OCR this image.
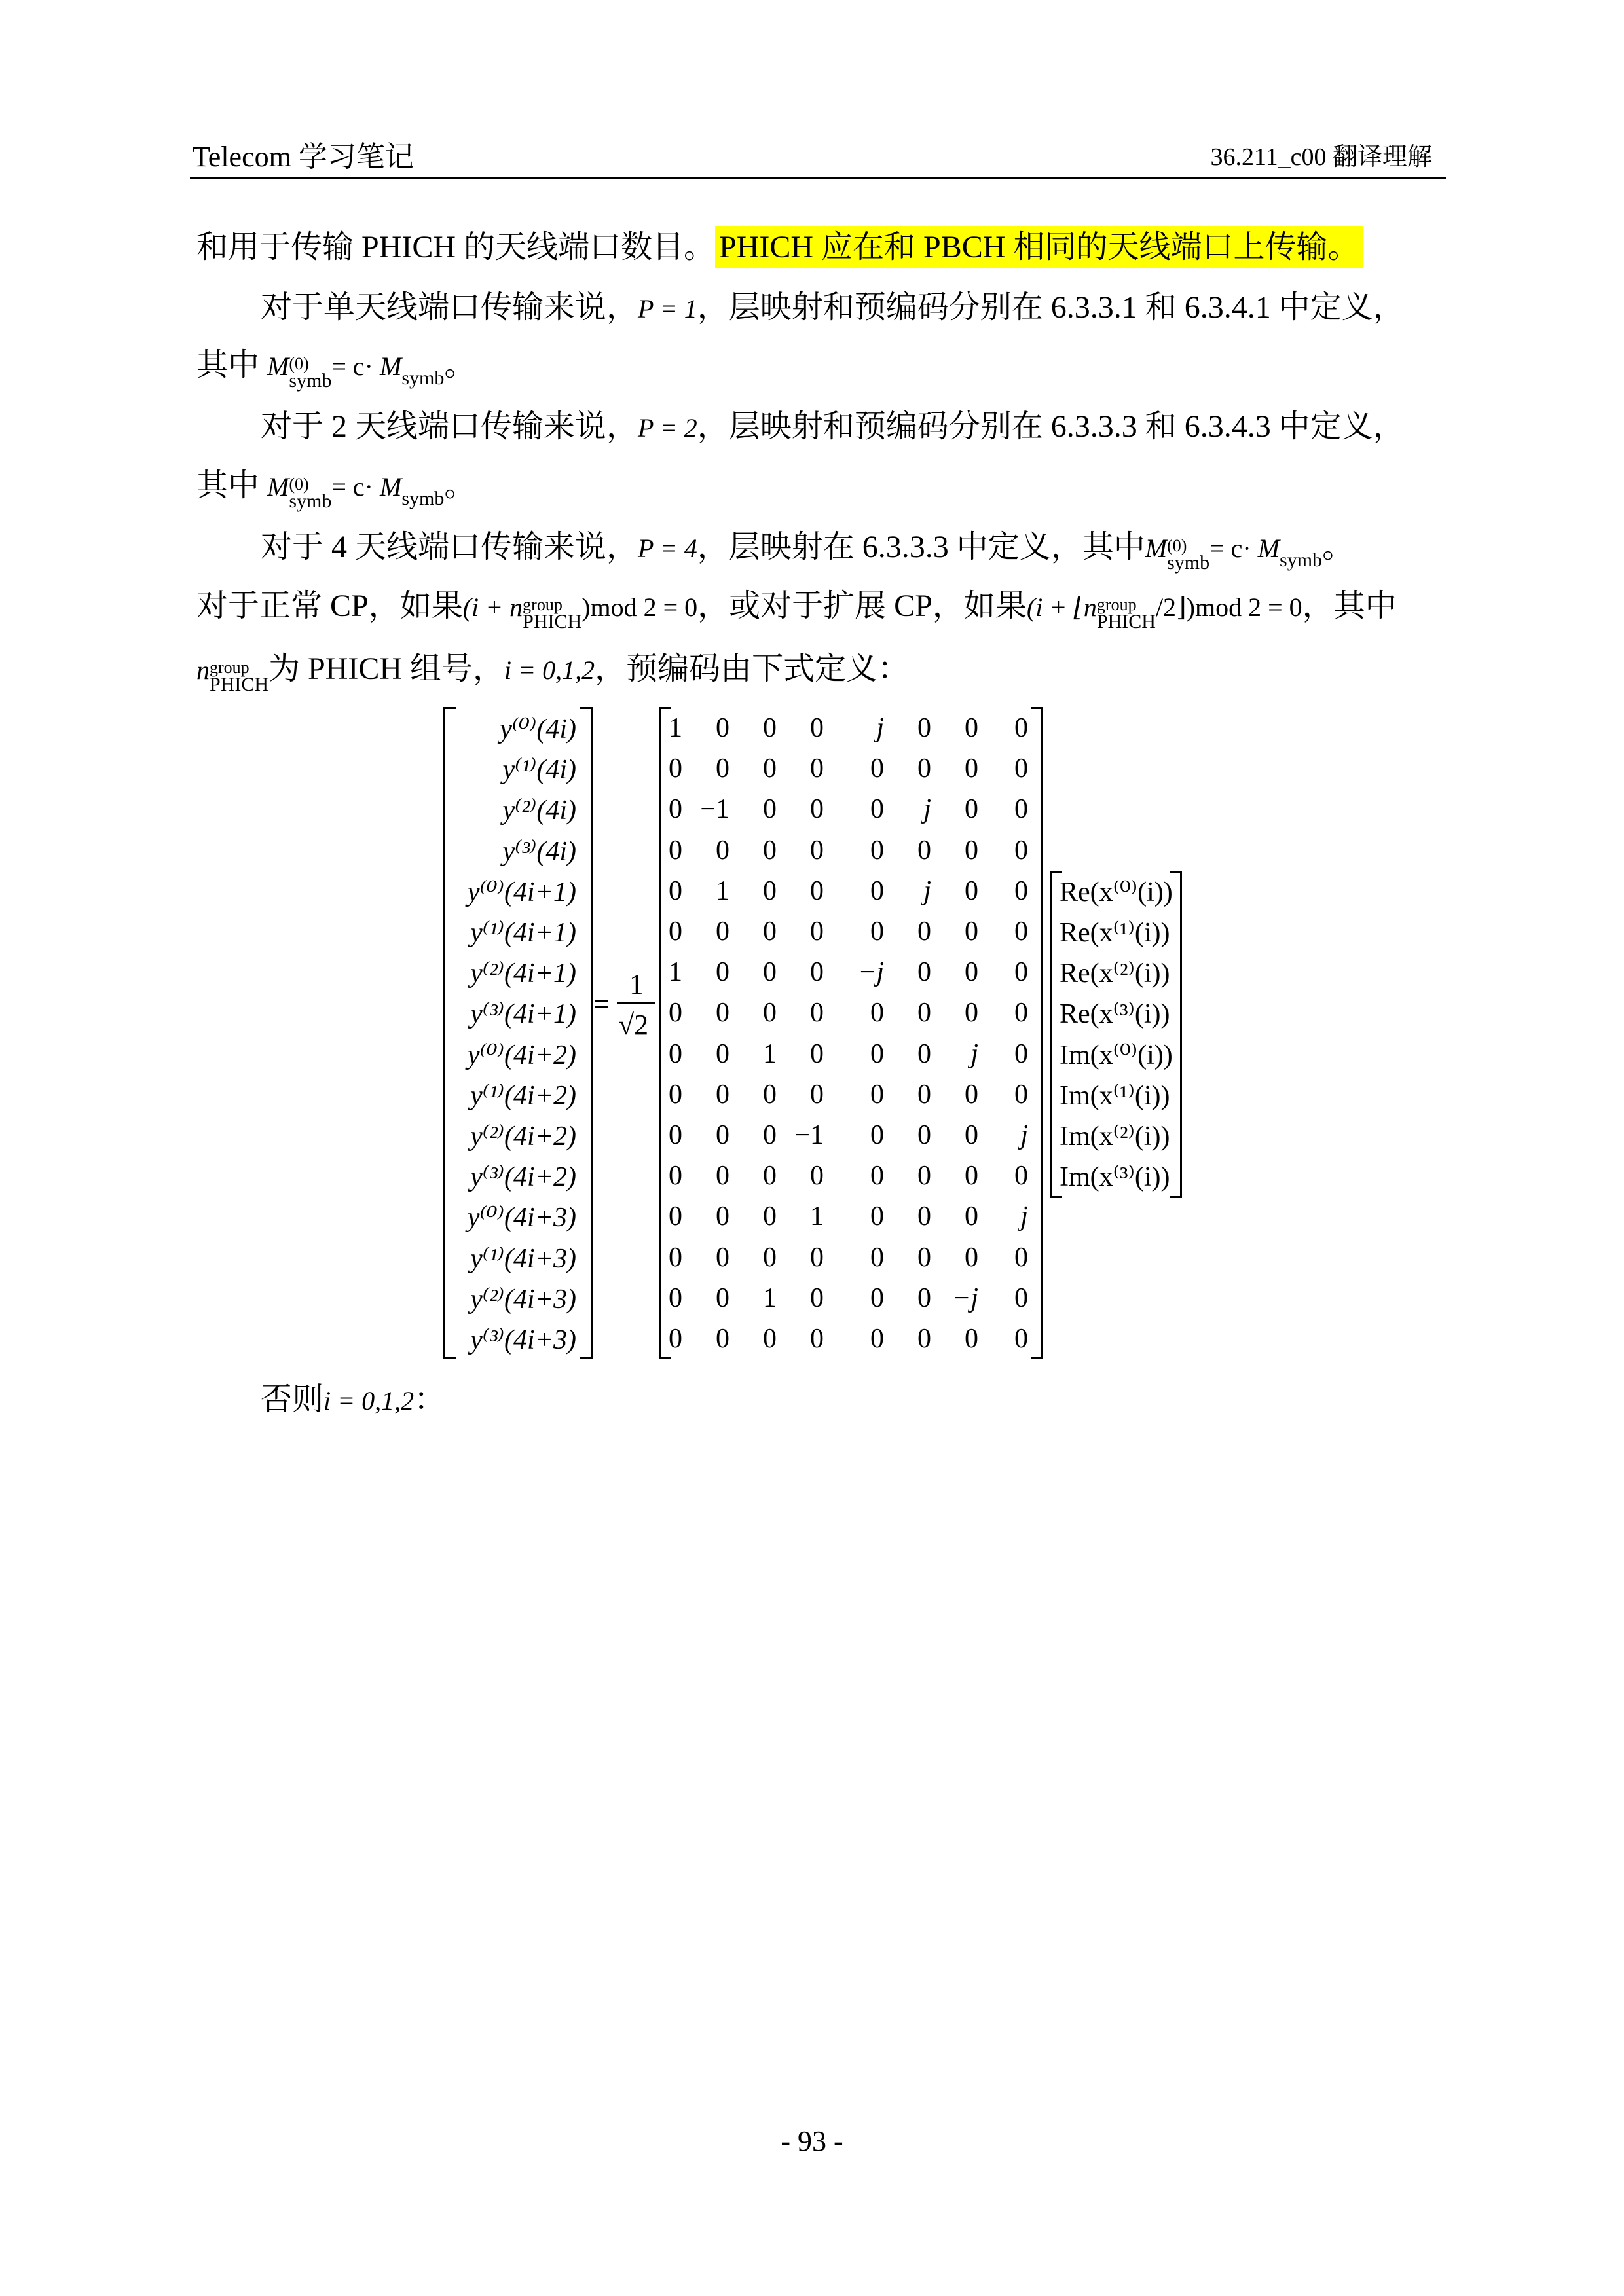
Telecom 学习笔记	36.211_c00 翻译理解
和用于传输 PHICH 的天线端口数目。 PHICH 应在和 PBCH 相同的天线端口上传输。
对于单天线端口传输来说，P = 1，层映射和预编码分别在 6.3.3.1 和 6.3.4.1 中定义，
其中 M (0)
symb = $c\cdot M_{symb}$。
对于 2 天线端口传输来说，P = 2，层映射和预编码分别在 6.3.3.3 和 6.3.4.3 中定义，
其中 M (0)
symb = $c\cdot M_{symb}$。
对于 4 天线端口传输来说，P = 4，层映射在 6.3.3.3 中定义，其中M (0)
symb = $c\cdot M_{symb}$。
对于正常 CP，如果(i + n group
PHICH )mod 2 = 0，或对于扩展 CP，如果(i + ⌊n group
PHICH /2⌋)mod 2 = 0，其中
n group
PHICH 为 PHICH 组号，i = 0,1,2，预编码由下式定义：
=
1
√2
y⁽⁰⁾(4i)
y⁽¹⁾(4i)
y⁽²⁾(4i)
y⁽³⁾(4i)
y⁽⁰⁾(4i+1)
y⁽¹⁾(4i+1)
y⁽²⁾(4i+1)
y⁽³⁾(4i+1)
y⁽⁰⁾(4i+2)
y⁽¹⁾(4i+2)
y⁽²⁾(4i+2)
y⁽³⁾(4i+2)
y⁽⁰⁾(4i+3)
y⁽¹⁾(4i+3)
y⁽²⁾(4i+3)
y⁽³⁾(4i+3)
1	0	0	0	j	0	0	0
0	0	0	0	0	0	0	0
0 −1	0	0	0	j	0	0
0	0	0	0	0	0	0	0
0	1	0	0	0	j	0	0
0	0	0	0	0	0	0	0
1	0	0	0 −j	0	0	0
0	0	0	0	0	0	0	0
0	0	1	0	0	0	j	0
0	0	0	0	0	0	0	0
0	0	0 −1	0	0	0	j
0	0	0	0	0	0	0	0
0	0	0	1	0	0	0	j
0	0	0	0	0	0	0	0
0	0	1	0	0	0 −j	0
0	0	0	0	0	0	0	0
Re(x⁽⁰⁾(i))
Re(x⁽¹⁾(i))
Re(x⁽²⁾(i))
Re(x⁽³⁾(i))
Im(x⁽⁰⁾(i))
Im(x⁽¹⁾(i))
Im(x⁽²⁾(i))
Im(x⁽³⁾(i))
否则i = 0,1,2：
- 93 -
